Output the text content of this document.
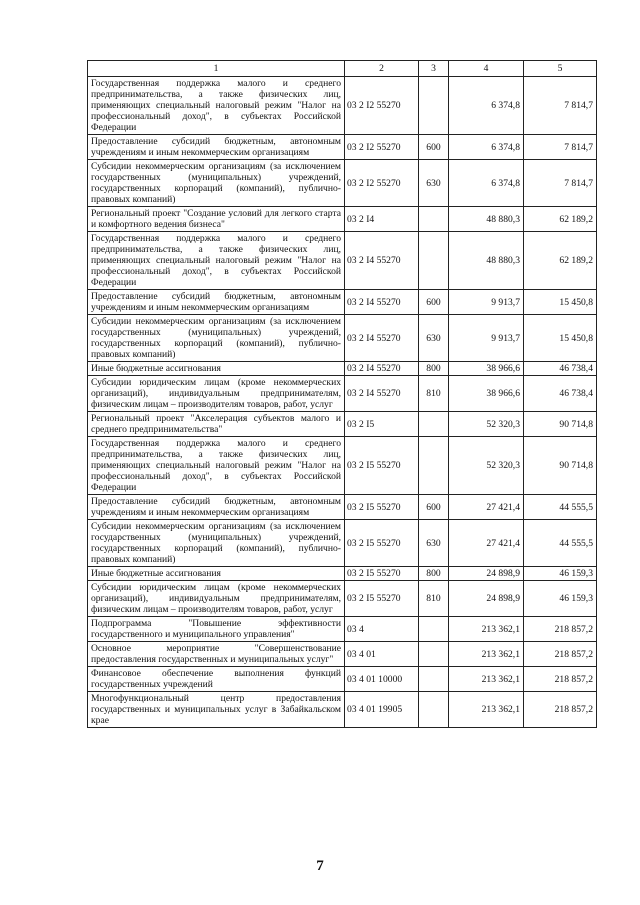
1	2	3	4	5
Государственная поддержка малого и среднего предпринимательства, а также физических лиц, применяющих специальный налоговый режим "Налог на профессиональный доход", в субъектах Российской Федерации	03 2 I2 55270		6 374,8	7 814,7
Предоставление субсидий бюджетным, автономным учреждениям и иным некоммерческим организациям	03 2 I2 55270	600	6 374,8	7 814,7
Субсидии некоммерческим организациям (за исключением государственных (муниципальных) учреждений, государственных корпораций (компаний), публично-правовых компаний)	03 2 I2 55270	630	6 374,8	7 814,7
Региональный проект "Создание условий для легкого старта и комфортного ведения бизнеса"	03 2 I4		48 880,3	62 189,2
Государственная поддержка малого и среднего предпринимательства, а также физических лиц, применяющих специальный налоговый режим "Налог на профессиональный доход", в субъектах Российской Федерации	03 2 I4 55270		48 880,3	62 189,2
Предоставление субсидий бюджетным, автономным учреждениям и иным некоммерческим организациям	03 2 I4 55270	600	9 913,7	15 450,8
Субсидии некоммерческим организациям (за исключением государственных (муниципальных) учреждений, государственных корпораций (компаний), публично-правовых компаний)	03 2 I4 55270	630	9 913,7	15 450,8
Иные бюджетные ассигнования	03 2 I4 55270	800	38 966,6	46 738,4
Субсидии юридическим лицам (кроме некоммерческих организаций), индивидуальным предпринимателям, физическим лицам – производителям товаров, работ, услуг	03 2 I4 55270	810	38 966,6	46 738,4
Региональный проект "Акселерация субъектов малого и среднего предпринимательства"	03 2 I5		52 320,3	90 714,8
Государственная поддержка малого и среднего предпринимательства, а также физических лиц, применяющих специальный налоговый режим "Налог на профессиональный доход", в субъектах Российской Федерации	03 2 I5 55270		52 320,3	90 714,8
Предоставление субсидий бюджетным, автономным учреждениям и иным некоммерческим организациям	03 2 I5 55270	600	27 421,4	44 555,5
Субсидии некоммерческим организациям (за исключением государственных (муниципальных) учреждений, государственных корпораций (компаний), публично-правовых компаний)	03 2 I5 55270	630	27 421,4	44 555,5
Иные бюджетные ассигнования	03 2 I5 55270	800	24 898,9	46 159,3
Субсидии юридическим лицам (кроме некоммерческих организаций), индивидуальным предпринимателям, физическим лицам – производителям товаров, работ, услуг	03 2 I5 55270	810	24 898,9	46 159,3
Подпрограмма "Повышение эффективности государственного и муниципального управления"	03 4		213 362,1	218 857,2
Основное мероприятие "Совершенствование предоставления государственных и муниципальных услуг"	03 4 01		213 362,1	218 857,2
Финансовое обеспечение выполнения функций государственных учреждений	03 4 01 10000		213 362,1	218 857,2
Многофункциональный центр предоставления государственных и муниципальных услуг в Забайкальском крае	03 4 01 19905		213 362,1	218 857,2
7
